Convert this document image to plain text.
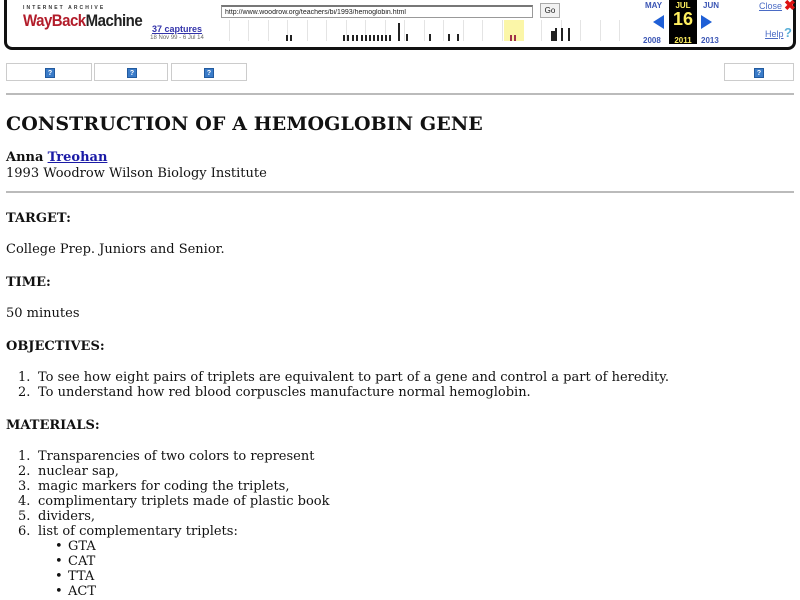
INTERNET ARCHIVE
WayBackMachine	37 captures
18 Nov 99 - 6 Jul 14
http://www.woodrow.org/teachers/bi/1993/hemoglobin.html
Go
MAY
2008
JUL
16
2011
JUN
2013
Close ✖
Help ?
?	?	?	?
CONSTRUCTION OF A HEMOGLOBIN GENE
Anna Treohan
1993 Woodrow Wilson Biology Institute
TARGET:
College Prep. Juniors and Senior.
TIME:
50 minutes
OBJECTIVES:
1. To see how eight pairs of triplets are equivalent to part of a gene and control a part of heredity.
2. To understand how red blood corpuscles manufacture normal hemoglobin.
MATERIALS:
1. Transparencies of two colors to represent
2. nuclear sap,
3. magic markers for coding the triplets,
4. complimentary triplets made of plastic book
5. dividers,
6. list of complementary triplets:
• GTA
• CAT
• TTA
• ACT
